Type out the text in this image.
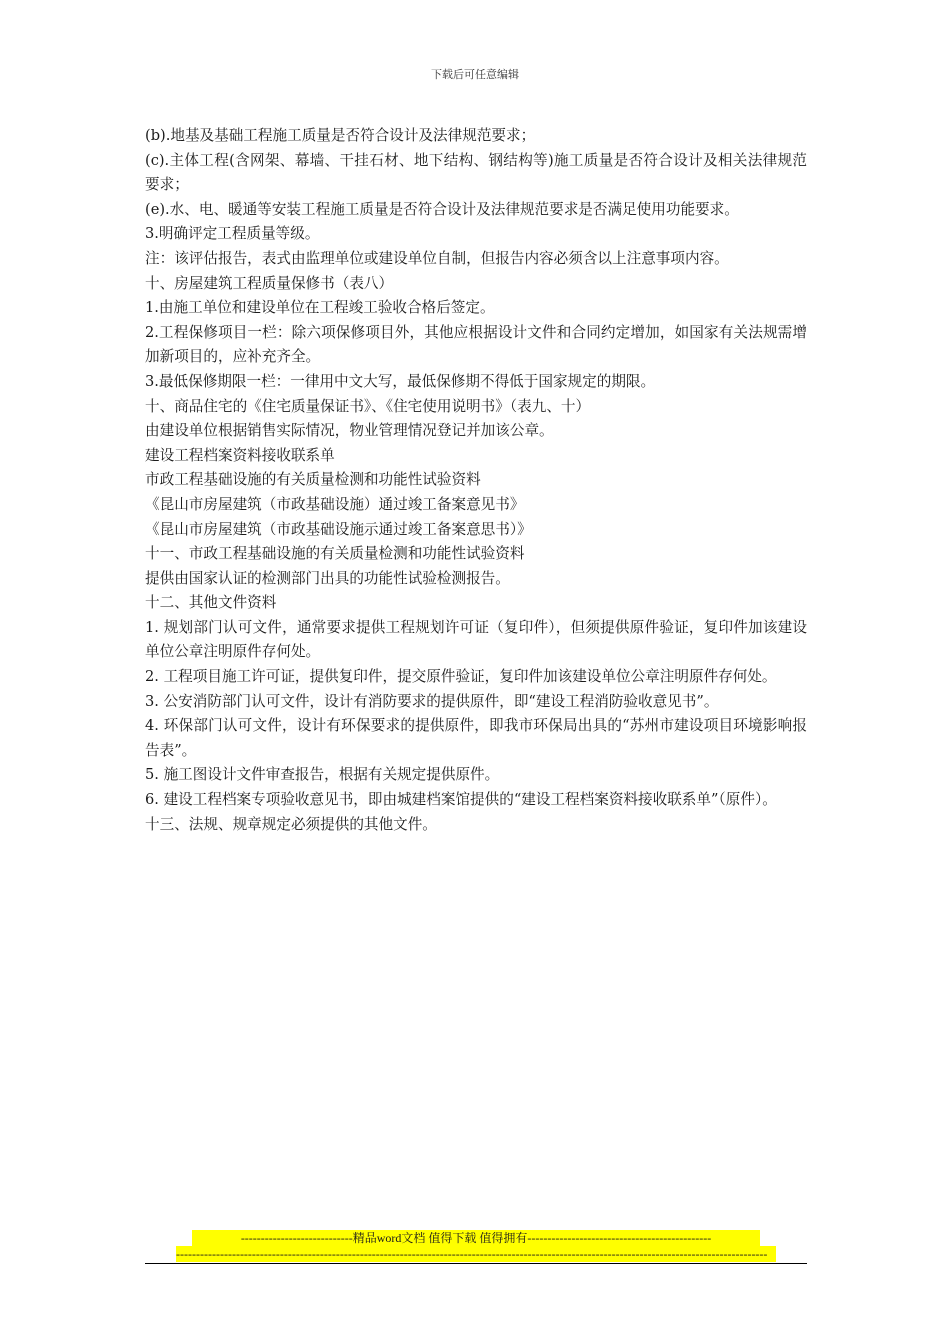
下载后可任意编辑

(b).地基及基础工程施工质量是否符合设计及法律规范要求；

(c).主体工程(含网架、幕墙、干挂石材、地下结构、钢结构等)施工质量是否符合设计及相关法律规范要求；

(e).水、电、暖通等安装工程施工质量是否符合设计及法律规范要求是否满足使用功能要求。

3.明确评定工程质量等级。

注：该评估报告，表式由监理单位或建设单位自制，但报告内容必须含以上注意事项内容。

十、房屋建筑工程质量保修书（表八）

1.由施工单位和建设单位在工程竣工验收合格后签定。

2.工程保修项目一栏：除六项保修项目外，其他应根据设计文件和合同约定增加，如国家有关法规需增加新项目的，应补充齐全。

3.最低保修期限一栏：一律用中文大写，最低保修期不得低于国家规定的期限。

十、商品住宅的《住宅质量保证书》、《住宅使用说明书》（表九、十）

由建设单位根据销售实际情况，物业管理情况登记并加该公章。

建设工程档案资料接收联系单

市政工程基础设施的有关质量检测和功能性试验资料

《昆山市房屋建筑（市政基础设施）通过竣工备案意见书》

《昆山市房屋建筑（市政基础设施示通过竣工备案意思书）》

十一、市政工程基础设施的有关质量检测和功能性试验资料

提供由国家认证的检测部门出具的功能性试验检测报告。

十二、其他文件资料

1. 规划部门认可文件，通常要求提供工程规划许可证（复印件），但须提供原件验证，复印件加该建设单位公章注明原件存何处。

2. 工程项目施工许可证，提供复印件，提交原件验证，复印件加该建设单位公章注明原件存何处。

3. 公安消防部门认可文件，设计有消防要求的提供原件，即“建设工程消防验收意见书”。

4. 环保部门认可文件，设计有环保要求的提供原件，即我市环保局出具的“苏州市建设项目环境影响报告表”。

5. 施工图设计文件审查报告，根据有关规定提供原件。

6. 建设工程档案专项验收意见书，即由城建档案馆提供的“建设工程档案资料接收联系单”（原件）。

十三、法规、规章规定必须提供的其他文件。

----------------------------精品word文档 值得下载 值得拥有----------------------------------------------
----------------------------------------------------------------------------------------------------------------------------------------------------
